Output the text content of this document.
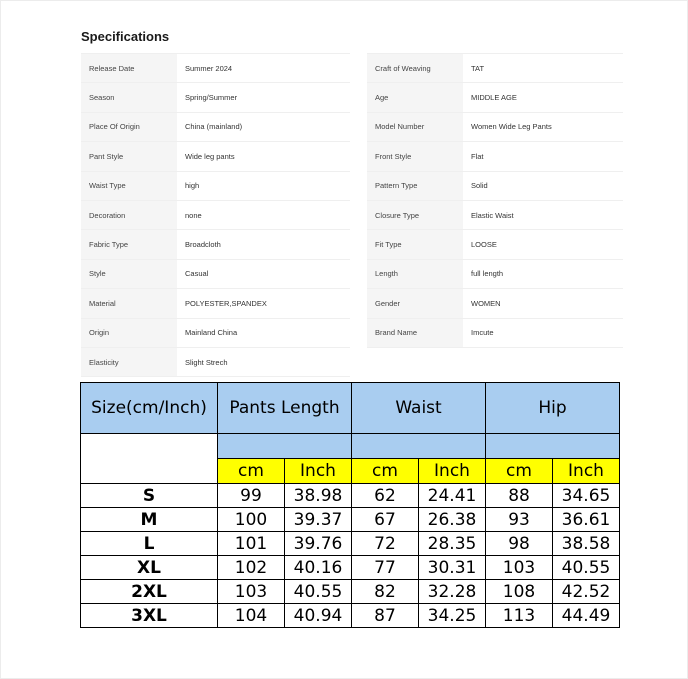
Specifications
Release Date	Summer 2024		Craft of Weaving	TAT
Season	Spring/Summer		Age	MIDDLE AGE
Place Of Origin	China (mainland)		Model Number	Women Wide Leg Pants
Pant Style	Wide leg pants		Front Style	Flat
Waist Type	high		Pattern Type	Solid
Decoration	none		Closure Type	Elastic Waist
Fabric Type	Broadcloth		Fit Type	LOOSE
Style	Casual		Length	full length
Material	POLYESTER,SPANDEX		Gender	WOMEN
Origin	Mainland China		Brand Name	Imcute
Elasticity	Slight Strech			
Size(cm/Inch)	Pants Length		Waist		Hip	

	cm	Inch	cm	Inch	cm	Inch
S	99	38.98	62	24.41	88	34.65
M	100	39.37	67	26.38	93	36.61
L	101	39.76	72	28.35	98	38.58
XL	102	40.16	77	30.31	103	40.55
2XL	103	40.55	82	32.28	108	42.52
3XL	104	40.94	87	34.25	113	44.49
